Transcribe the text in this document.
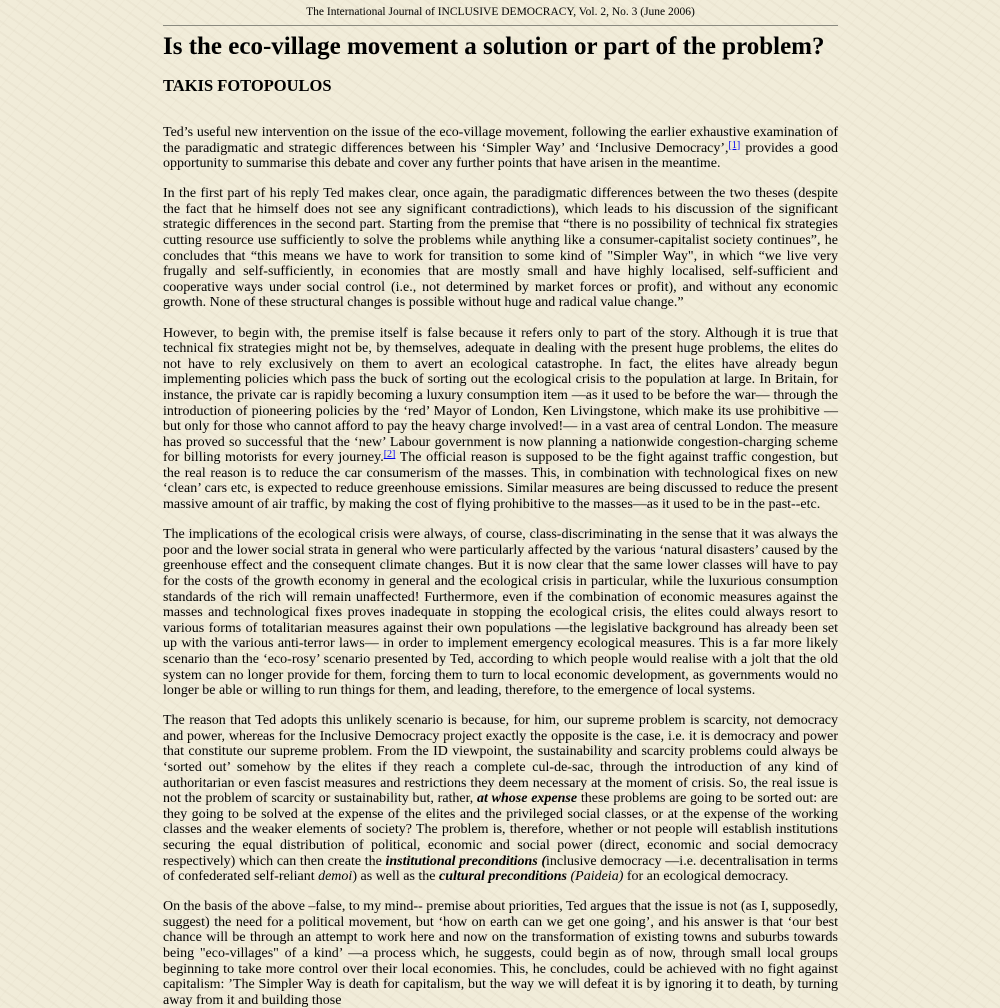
The International Journal of INCLUSIVE DEMOCRACY, Vol. 2, No. 3 (June 2006)
Is the eco-village movement a solution or part of the problem?
TAKIS FOTOPOULOS

Ted’s useful new intervention on the issue of the eco-village movement, following the earlier exhaustive examination of the paradigmatic and strategic differences between his ‘Simpler Way’ and ‘Inclusive Democracy’,[1] provides a good opportunity to summarise this debate and cover any further points that have arisen in the meantime.

In the first part of his reply Ted makes clear, once again, the paradigmatic differences between the two theses (despite the fact that he himself does not see any significant contradictions), which leads to his discussion of the significant strategic differences in the second part. Starting from the premise that “there is no possibility of technical fix strategies cutting resource use sufficiently to solve the problems while anything like a consumer-capitalist society continues”, he concludes that “this means we have to work for transition to some kind of "Simpler Way", in which “we live very frugally and self-sufficiently, in economies that are mostly small and have highly localised, self-sufficient and cooperative ways under social control (i.e., not determined by market forces or profit), and without any economic growth. None of these structural changes is possible without huge and radical value change.”

However, to begin with, the premise itself is false because it refers only to part of the story. Although it is true that technical fix strategies might not be, by themselves, adequate in dealing with the present huge problems, the elites do not have to rely exclusively on them to avert an ecological catastrophe. In fact, the elites have already begun implementing policies which pass the buck of sorting out the ecological crisis to the population at large. In Britain, for instance, the private car is rapidly becoming a luxury consumption item —as it used to be before the war— through the introduction of pioneering policies by the ‘red’ Mayor of London, Ken Livingstone, which make its use prohibitive —but only for those who cannot afford to pay the heavy charge involved!— in a vast area of central London. The measure has proved so successful that the ‘new’ Labour government is now planning a nationwide congestion-charging scheme for billing motorists for every journey.[2] The official reason is supposed to be the fight against traffic congestion, but the real reason is to reduce the car consumerism of the masses. This, in combination with technological fixes on new ‘clean’ cars etc, is expected to reduce greenhouse emissions. Similar measures are being discussed to reduce the present massive amount of air traffic, by making the cost of flying prohibitive to the masses—as it used to be in the past--etc.

The implications of the ecological crisis were always, of course, class-discriminating in the sense that it was always the poor and the lower social strata in general who were particularly affected by the various ‘natural disasters’ caused by the greenhouse effect and the consequent climate changes. But it is now clear that the same lower classes will have to pay for the costs of the growth economy in general and the ecological crisis in particular, while the luxurious consumption standards of the rich will remain unaffected! Furthermore, even if the combination of economic measures against the masses and technological fixes proves inadequate in stopping the ecological crisis, the elites could always resort to various forms of totalitarian measures against their own populations —the legislative background has already been set up with the various anti-terror laws— in order to implement emergency ecological measures. This is a far more likely scenario than the ‘eco-rosy’ scenario presented by Ted, according to which people would realise with a jolt that the old system can no longer provide for them, forcing them to turn to local economic development, as governments would no longer be able or willing to run things for them, and leading, therefore, to the emergence of local systems.

The reason that Ted adopts this unlikely scenario is because, for him, our supreme problem is scarcity, not democracy and power, whereas for the Inclusive Democracy project exactly the opposite is the case, i.e. it is democracy and power that constitute our supreme problem. From the ID viewpoint, the sustainability and scarcity problems could always be ‘sorted out’ somehow by the elites if they reach a complete cul-de-sac, through the introduction of any kind of authoritarian or even fascist measures and restrictions they deem necessary at the moment of crisis. So, the real issue is not the problem of scarcity or sustainability but, rather, at whose expense these problems are going to be sorted out: are they going to be solved at the expense of the elites and the privileged social classes, or at the expense of the working classes and the weaker elements of society? The problem is, therefore, whether or not people will establish institutions securing the equal distribution of political, economic and social power (direct, economic and social democracy respectively) which can then create the institutional preconditions (inclusive democracy —i.e. decentralisation in terms of confederated self-reliant demoi) as well as the cultural preconditions (Paideia) for an ecological democracy.

On the basis of the above –false, to my mind-- premise about priorities, Ted argues that the issue is not (as I, supposedly, suggest) the need for a political movement, but ‘how on earth can we get one going’, and his answer is that ‘our best chance will be through an attempt to work here and now on the transformation of existing towns and suburbs towards being "eco-villages" of a kind’ —a process which, he suggests, could begin as of now, through small local groups beginning to take more control over their local economies. This, he concludes, could be achieved with no fight against capitalism: ’The Simpler Way is death for capitalism, but the way we will defeat it is by ignoring it to death, by turning away from it and building those
